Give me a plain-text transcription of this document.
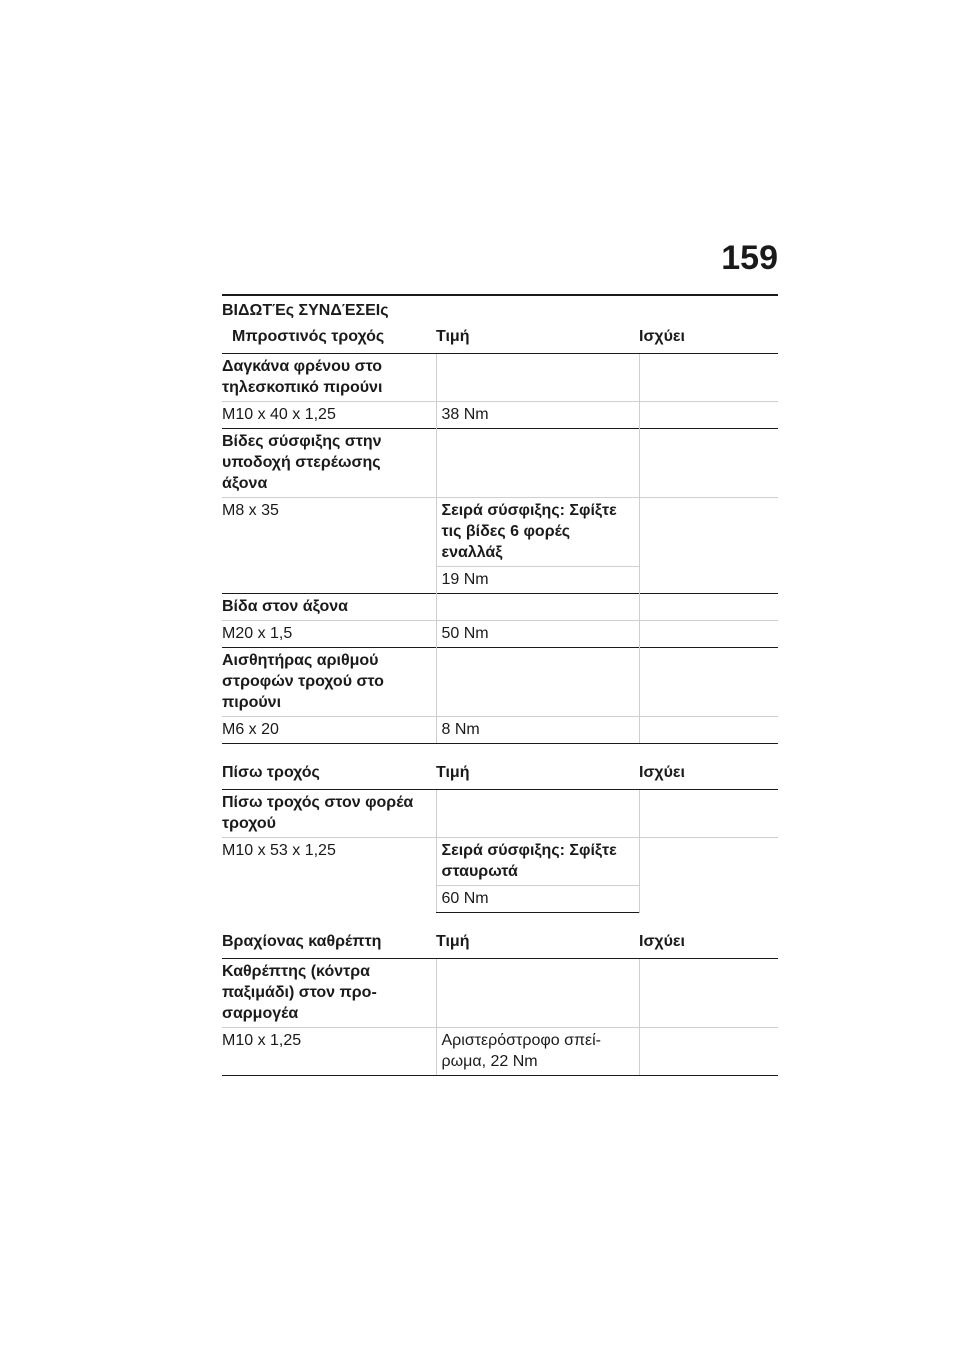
159
ΒΙΔΩΤΈς ΣΥΝΔΈΣΕΙς
Μπροστινός τροχός	Τιμή	Ισχύει
Δαγκάνα φρένου στο τηλεσκοπικό πιρούνι		
M10 x 40 x 1,25	38 Nm	
Βίδες σύσφιξης στην υποδοχή στερέωσης άξονα		
M8 x 35	Σειρά σύσφιξης: Σφίξτε τις βίδες 6 φορές εναλλάξ	
	19 Nm	
Βίδα στον άξονα		
M20 x 1,5	50 Nm	
Αισθητήρας αριθμού στροφών τροχού στο πιρούνι		
M6 x 20	8 Nm	
Πίσω τροχός	Τιμή	Ισχύει
Πίσω τροχός στον φορέα τροχού		
M10 x 53 x 1,25	Σειρά σύσφιξης: Σφίξτε σταυρωτά	
	60 Nm	
Βραχίονας καθρέπτη	Τιμή	Ισχύει
Καθρέπτης (κόντρα παξιμάδι) στον προ-σαρμογέα		
M10 x 1,25	Αριστερόστροφο σπεί-ρωμα, 22 Nm	
